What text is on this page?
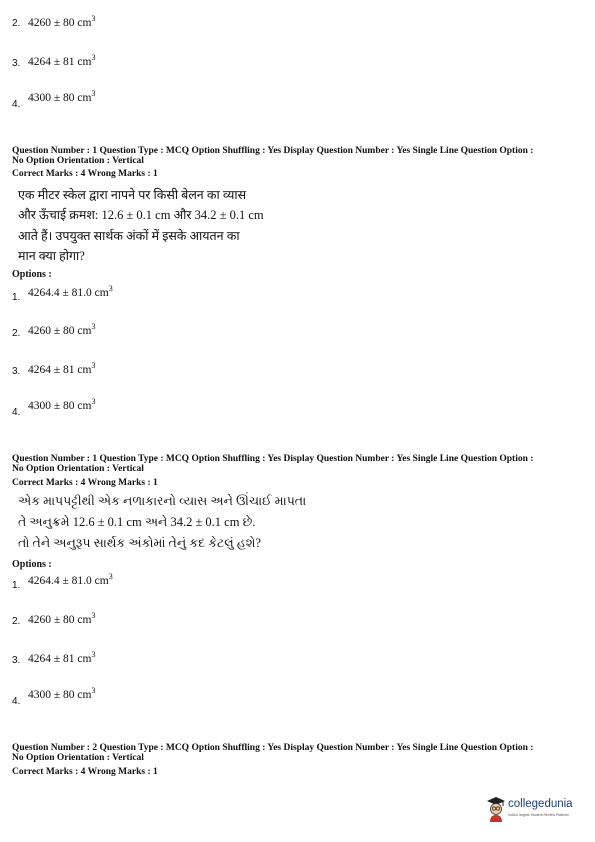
2. 4260 ± 80 $cm^3$
3. 4264 ± 81 $cm^3$
4.
4300 ± 80 $cm^3$
Question Number : 1 Question Type : MCQ Option Shuffling : Yes Display Question Number : Yes Single Line Question Option :
No Option Orientation : Vertical
Correct Marks : 4 Wrong Marks : 1
एक मीटर स्केल द्वारा नापने पर किसी बेलन का व्यास
और ऊँचाई क्रमश: 12.6 ± 0.1 cm और 34.2 ± 0.1 cm
आते हैं। उपयुक्त सार्थक अंकों में इसके आयतन का
मान क्या होगा?
Options :
1. 4264.4 ± 81.0 $cm^3$
2. 4260 ± 80 $cm^3$
3. 4264 ± 81 $cm^3$
4.
4300 ± 80 $cm^3$
Question Number : 1 Question Type : MCQ Option Shuffling : Yes Display Question Number : Yes Single Line Question Option :
No Option Orientation : Vertical
Correct Marks : 4 Wrong Marks : 1
એક માપપટ્ટીથી એક નળાકારનો વ્યાસ અને ઊંચાઈ માપતા
તે અનુક્રમે 12.6 ± 0.1 cm અને 34.2 ± 0.1 cm છે.
તો તેને અનુરૂપ સાર્થક અંકોમાં તેનું કદ કેટલું હશે?
Options :
1. 4264.4 ± 81.0 $cm^3$
2. 4260 ± 80 $cm^3$
3. 4264 ± 81 $cm^3$
4.
4300 ± 80 $cm^3$
Question Number : 2 Question Type : MCQ Option Shuffling : Yes Display Question Number : Yes Single Line Question Option :
No Option Orientation : Vertical
Correct Marks : 4 Wrong Marks : 1
collegedunia
India's largest Student Review Platform
